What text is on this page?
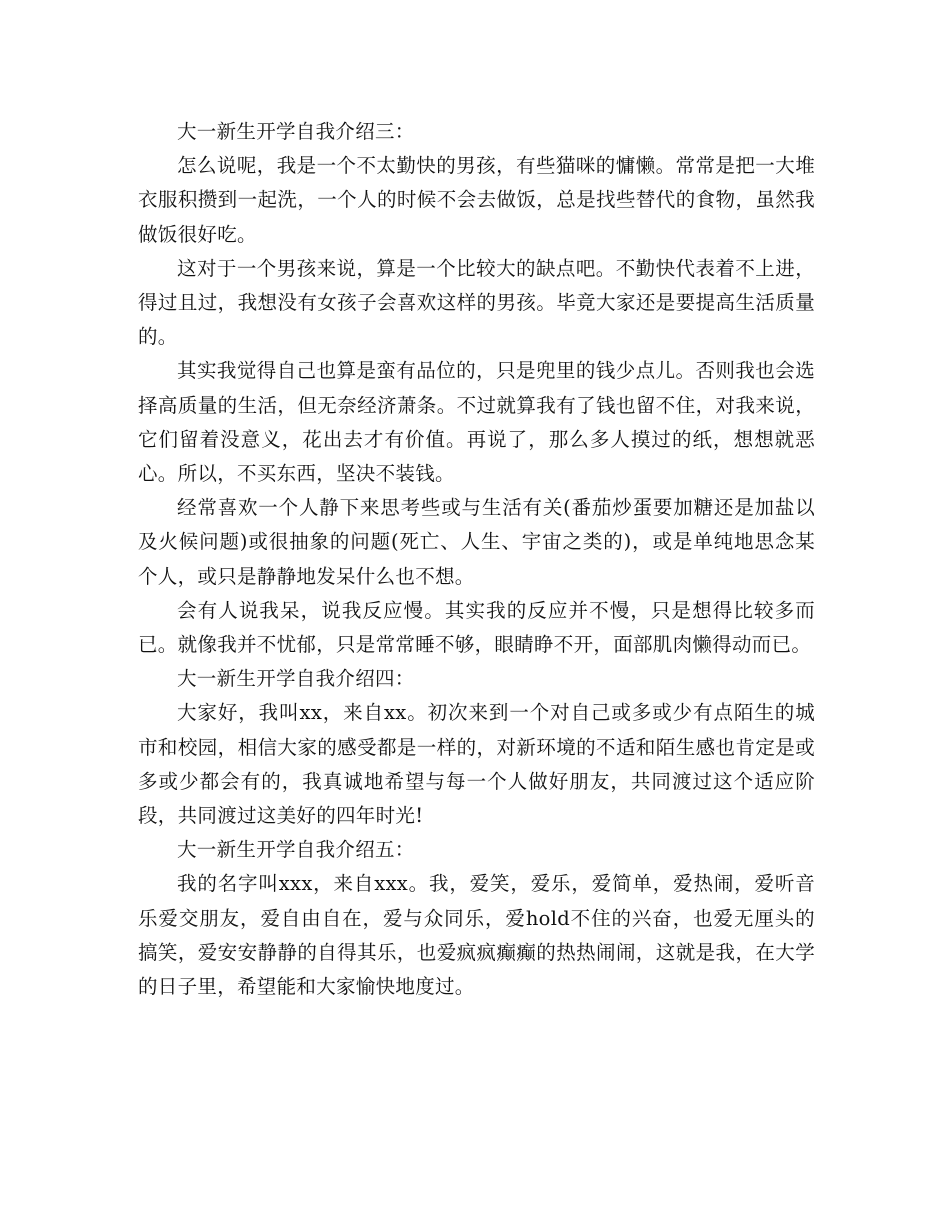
大一新生开学自我介绍三：

怎么说呢，我是一个不太勤快的男孩，有些猫咪的慵懒。常常是把一大堆衣服积攒到一起洗，一个人的时候不会去做饭，总是找些替代的食物，虽然我做饭很好吃。

这对于一个男孩来说，算是一个比较大的缺点吧。不勤快代表着不上进，得过且过，我想没有女孩子会喜欢这样的男孩。毕竟大家还是要提高生活质量的。

其实我觉得自己也算是蛮有品位的，只是兜里的钱少点儿。否则我也会选择高质量的生活，但无奈经济萧条。不过就算我有了钱也留不住，对我来说，它们留着没意义，花出去才有价值。再说了，那么多人摸过的纸，想想就恶心。所以，不买东西，坚决不装钱。

经常喜欢一个人静下来思考些或与生活有关(番茄炒蛋要加糖还是加盐以及火候问题)或很抽象的问题(死亡、人生、宇宙之类的)，或是单纯地思念某个人，或只是静静地发呆什么也不想。

会有人说我呆，说我反应慢。其实我的反应并不慢，只是想得比较多而已。就像我并不忧郁，只是常常睡不够，眼睛睁不开，面部肌肉懒得动而已。

大一新生开学自我介绍四：

大家好，我叫xx，来自xx。初次来到一个对自己或多或少有点陌生的城市和校园，相信大家的感受都是一样的，对新环境的不适和陌生感也肯定是或多或少都会有的，我真诚地希望与每一个人做好朋友，共同渡过这个适应阶段，共同渡过这美好的四年时光!

大一新生开学自我介绍五：

我的名字叫xxx，来自xxx。我，爱笑，爱乐，爱简单，爱热闹，爱听音乐爱交朋友，爱自由自在，爱与众同乐，爱hold不住的兴奋，也爱无厘头的搞笑，爱安安静静的自得其乐，也爱疯疯癫癫的热热闹闹，这就是我，在大学的日子里，希望能和大家愉快地度过。
